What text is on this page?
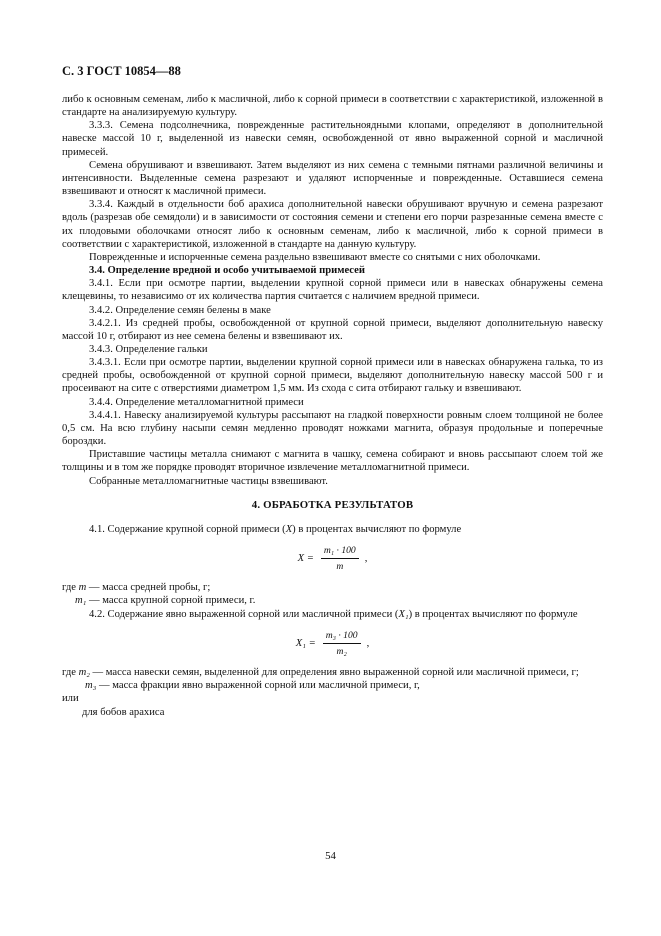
С. 3 ГОСТ 10854—88

либо к основным семенам, либо к масличной, либо к сорной примеси в соответствии с характеристикой, изложенной в стандарте на анализируемую культуру.

3.3.3. Семена подсолнечника, поврежденные растительноядными клопами, определяют в дополнительной навеске массой 10 г, выделенной из навески семян, освобожденной от явно выраженной сорной и масличной примесей.

Семена обрушивают и взвешивают. Затем выделяют из них семена с темными пятнами различной величины и интенсивности. Выделенные семена разрезают и удаляют испорченные и поврежденные. Оставшиеся семена взвешивают и относят к масличной примеси.

3.3.4. Каждый в отдельности боб арахиса дополнительной навески обрушивают вручную и семена разрезают вдоль (разрезав обе семядоли) и в зависимости от состояния семени и степени его порчи разрезанные семена вместе с их плодовыми оболочками относят либо к основным семенам, либо к масличной, либо к сорной примеси в соответствии с характеристикой, изложенной в стандарте на данную культуру.

Поврежденные и испорченные семена раздельно взвешивают вместе со снятыми с них оболочками.

3.4. Определение вредной и особо учитываемой примесей

3.4.1. Если при осмотре партии, выделении крупной сорной примеси или в навесках обнаружены семена клещевины, то независимо от их количества партия считается с наличием вредной примеси.

3.4.2. Определение семян белены в маке

3.4.2.1. Из средней пробы, освобожденной от крупной сорной примеси, выделяют дополнительную навеску массой 10 г, отбирают из нее семена белены и взвешивают их.

3.4.3. Определение гальки

3.4.3.1. Если при осмотре партии, выделении крупной сорной примеси или в навесках обнаружена галька, то из средней пробы, освобожденной от крупной сорной примеси, выделяют дополнительную навеску массой 500 г и просеивают на сите с отверстиями диаметром 1,5 мм. Из схода с сита отбирают гальку и взвешивают.

3.4.4. Определение металломагнитной примеси

3.4.4.1. Навеску анализируемой культуры рассыпают на гладкой поверхности ровным слоем толщиной не более 0,5 см. На всю глубину насыпи семян медленно проводят ножками магнита, образуя продольные и поперечные бороздки.

Приставшие частицы металла снимают с магнита в чашку, семена собирают и вновь рассыпают слоем той же толщины и в том же порядке проводят вторичное извлечение металломагнитной примеси.

Собранные металломагнитные частицы взвешивают.

4. ОБРАБОТКА РЕЗУЛЬТАТОВ

4.1. Содержание крупной сорной примеси (X) в процентах вычисляют по формуле

$X = \frac{\text{m₁ · 100}}{m}$ ,

где m — масса средней пробы, г;

m₁ — масса крупной сорной примеси, г.

4.2. Содержание явно выраженной сорной или масличной примеси (X₁) в процентах вычисляют по формуле

$X_1 = \frac{\text{m₃ · 100}}{\text{m₂}}$ ,

где m₂ — масса навески семян, выделенной для определения явно выраженной сорной или масличной примеси, г;

m₃ — масса фракции явно выраженной сорной или масличной примеси, г,

или

для бобов арахиса

54
